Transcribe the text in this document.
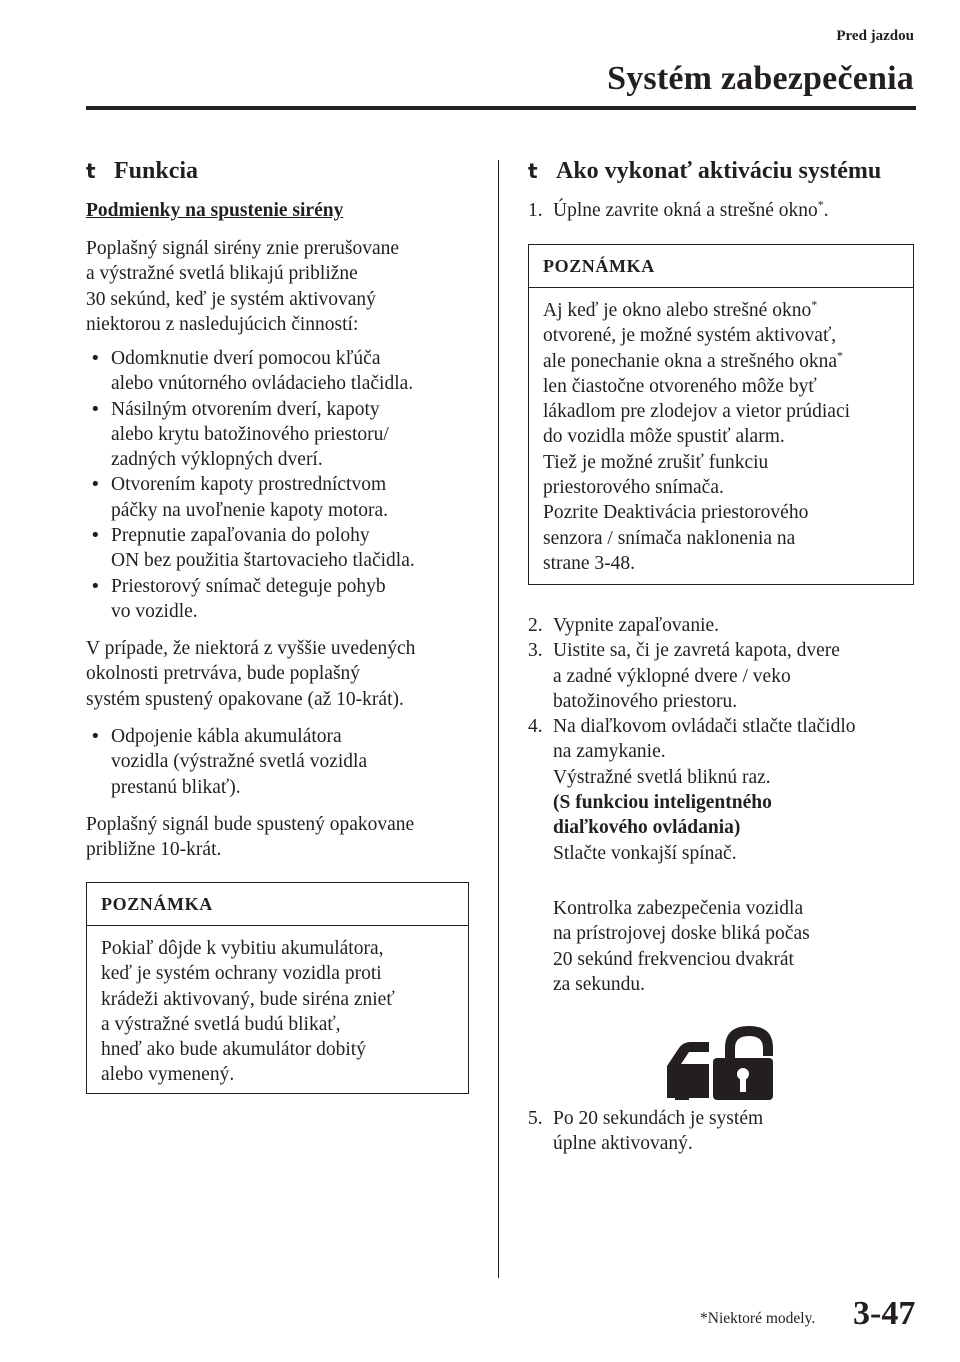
Pred jazdou
Systém zabezpečenia
t Funkcia
Podmienky na spustenie sirény

Poplašný signál sirény znie prerušovane

a výstražné svetlá blikajú približne

30 sekúnd, keď je systém aktivovaný

niektorou z nasledujúcich činností:

• Odomknutie dverí pomocou kľúča
alebo vnútorného ovládacieho tlačidla.
• Násilným otvorením dverí, kapoty
alebo krytu batožinového priestoru/
zadných výklopných dverí.
• Otvorením kapoty prostredníctvom
páčky na uvoľnenie kapoty motora.
• Prepnutie zapaľovania do polohy
ON bez použitia štartovacieho tlačidla.
• Priestorový snímač deteguje pohyb
vo vozidle.

V prípade, že niektorá z vyššie uvedených

okolnosti pretrváva, bude poplašný

systém spustený opakovane (až 10-krát).

• Odpojenie kábla akumulátora
vozidla (výstražné svetlá vozidla
prestanú blikať).

Poplašný signál bude spustený opakovane

približne 10-krát.

POZNÁMKA

Pokiaľ dôjde k vybitiu akumulátora,

keď je systém ochrany vozidla proti

krádeži aktivovaný, bude siréna znieť

a výstražné svetlá budú blikať,

hneď ako bude akumulátor dobitý

alebo vymenený.

t Ako vykonať aktiváciu systému
1. Úplne zavrite okná a strešné okno*.

POZNÁMKA

Aj keď je okno alebo strešné okno*

otvorené, je možné systém aktivovať,

ale ponechanie okna a strešného okna*

len čiastočne otvoreného môže byť

lákadlom pre zlodejov a vietor prúdiaci

do vozidla môže spustiť alarm.

Tiež je možné zrušiť funkciu

priestorového snímača.

Pozrite Deaktivácia priestorového

senzora / snímača naklonenia na

strane 3-48.

2. Vypnite zapaľovanie.

3. Uistite sa, či je zavretá kapota, dvere

a zadné výklopné dvere / veko

batožinového priestoru.

4. Na diaľkovom ovládači stlačte tlačidlo

na zamykanie.

Výstražné svetlá bliknú raz.

(S funkciou inteligentného

diaľkového ovládania)

Stlačte vonkajší spínač.

Kontrolka zabezpečenia vozidla

na prístrojovej doske bliká počas

20 sekúnd frekvenciou dvakrát

za sekundu.

5. Po 20 sekundách je systém

úplne aktivovaný.

*Niektoré modely. 3-47
